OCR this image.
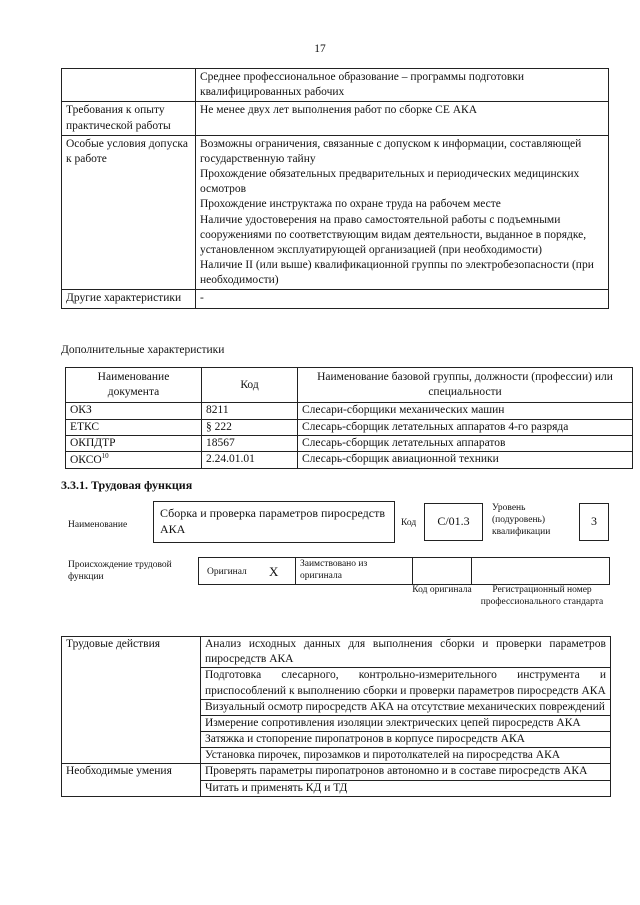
17

	Среднее профессиональное образование – программы подготовки квалифицированных рабочих

Требования к опыту практической работы	Не менее двух лет выполнения работ по сборке СЕ АКА

Особые условия допуска к работе	Возможны ограничения, связанные с допуском к информации, составляющей государственную тайну
Прохождение обязательных предварительных и периодических медицинских осмотров
Прохождение инструктажа по охране труда на рабочем месте
Наличие удостоверения на право самостоятельной работы с подъемными сооружениями по соответствующим видам деятельности, выданное в порядке, установленном эксплуатирующей организацией (при необходимости)
Наличие II (или выше) квалификационной группы по электробезопасности (при необходимости)

Другие характеристики	-
Дополнительные характеристики
Наименование документа	Код	Наименование базовой группы, должности (профессии) или специальности
ОКЗ	8211	Слесари-сборщики механических машин
ЕТКС	§ 222	Слесарь-сборщик летательных аппаратов 4-го разряда
ОКПДТР	18567	Слесарь-сборщик летательных аппаратов
ОКСО$^{10}$	2.24.01.01	Слесарь-сборщик авиационной техники
3.3.1. Трудовая функция
Наименование
Сборка и проверка параметров пиросредств АКА	Код C/01.3
Уровень (подуровень) квалификации
3
Происхождение трудовой функции	Оригинал X	Заимствовано из оригинала
Код оригинала	Регистрационный номер профессионального стандарта
Трудовые действия	Анализ исходных данных для выполнения сборки и проверки параметров пиросредств АКА
	Подготовка слесарного, контрольно-измерительного инструмента и приспособлений к выполнению сборки и проверки параметров пиросредств АКА
	Визуальный осмотр пиросредств АКА на отсутствие механических повреждений
	Измерение сопротивления изоляции электрических цепей пиросредств АКА
	Затяжка и стопорение пиропатронов в корпусе пиросредств АКА
	Установка пирочек, пирозамков и пиротолкателей на пиросредства АКА
Необходимые умения	Проверять параметры пиропатронов автономно и в составе пиросредств АКА
	Читать и применять КД и ТД
